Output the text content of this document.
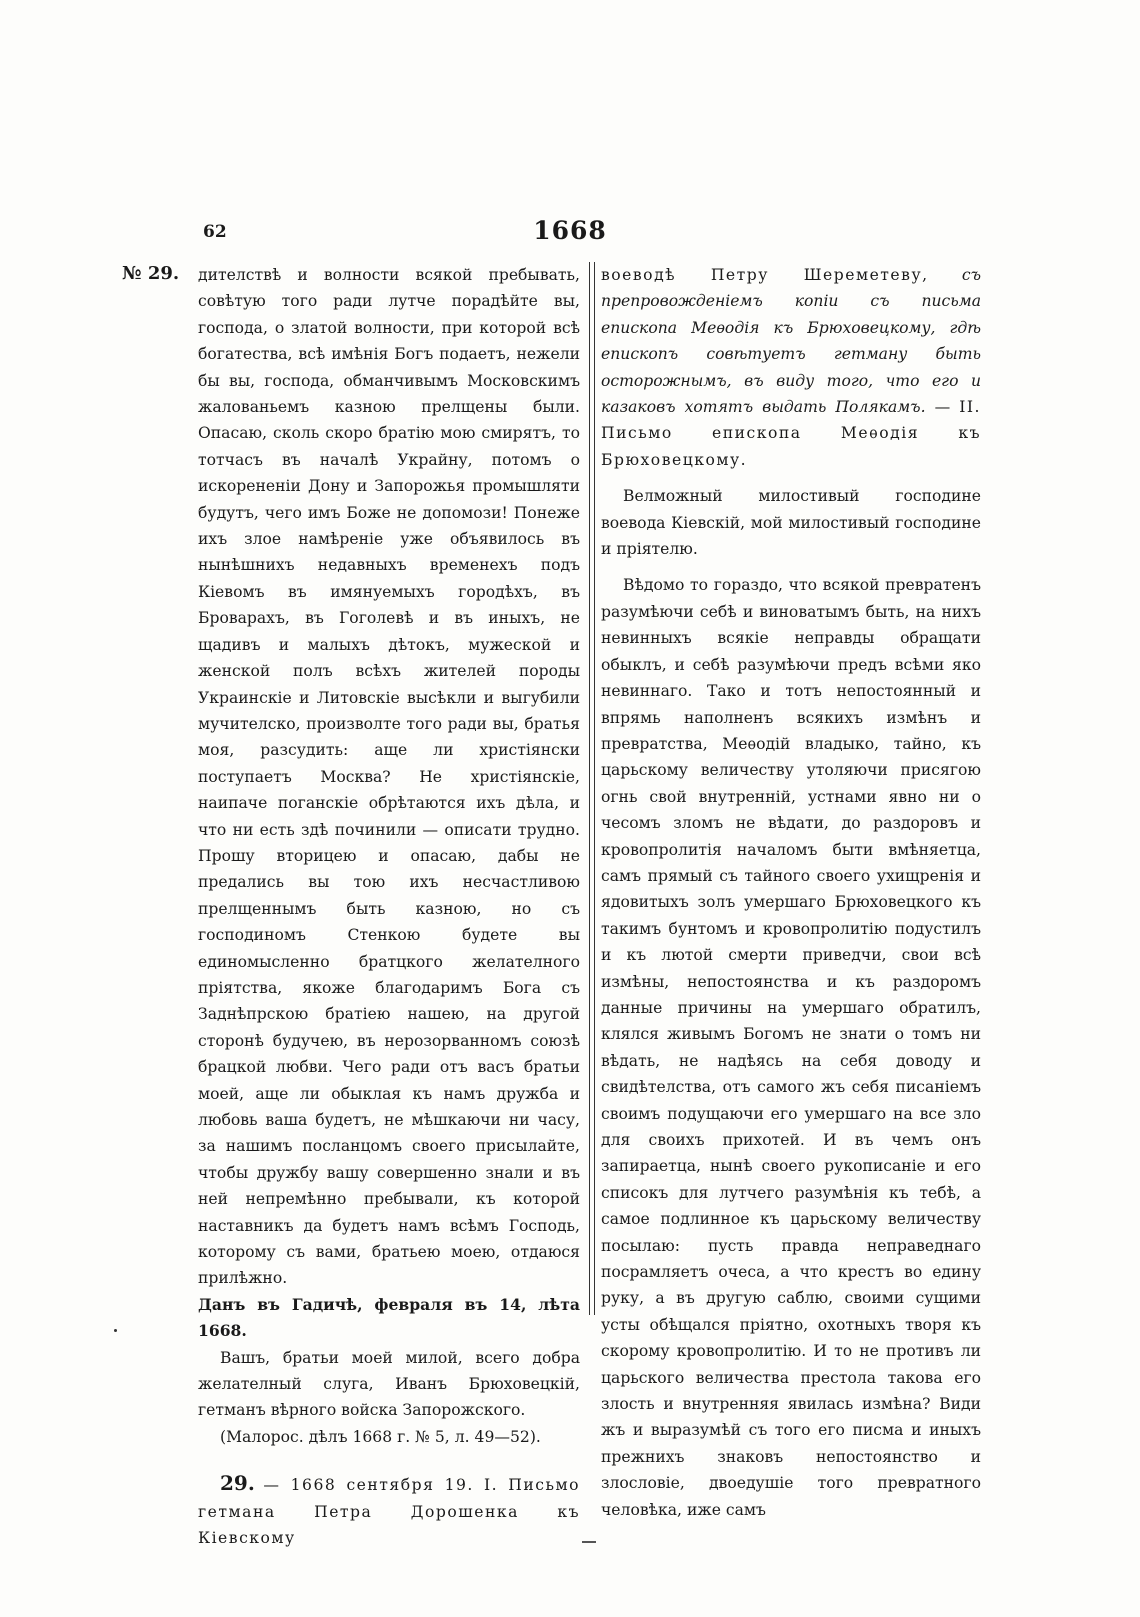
62	1668
№ 29. дителствѣ и волности всякой пребывать, совѣтую того ради лутче порадѣйте вы, господа, о златой волности, при которой всѣ богатества, всѣ имѣнія Богъ подаетъ, нежели бы вы, господа, обманчивымъ Московскимъ жалованьемъ казною прелщены были. Опасаю, сколь скоро братію мою смирятъ, то тотчасъ въ началѣ Украйну, потомъ о искорененіи Дону и Запорожья промышляти будутъ, чего имъ Боже не допомози! Понеже ихъ злое намѣреніе уже объявилось въ нынѣшнихъ недавныхъ временехъ подъ Кіевомъ въ имянуемыхъ городѣхъ, въ Броварахъ, въ Гоголевѣ и въ иныхъ, не щадивъ и малыхъ дѣтокъ, мужеской и женской полъ всѣхъ жителей породы Украинскіе и Литовскіе высѣкли и выгубили мучителско, произволте того ради вы, братья моя, разсудить: аще ли христіянски поступаетъ Москва? Не христіянскіе, наипаче поганскіе обрѣтаются ихъ дѣла, и что ни есть здѣ починили — описати трудно. Прошу вторицею и опасаю, дабы не предались вы тою ихъ несчастливою прелщеннымъ быть казною, но съ господиномъ Стенкою будете вы единомысленно братцкого желателного пріятства, якоже благодаримъ Бога съ Заднѣпрскою братіею нашею, на другой сторонѣ будучею, въ нерозорванномъ союзѣ брацкой любви. Чего ради отъ васъ братьи моей, аще ли обыклая къ намъ дружба и любовь ваша будетъ, не мѣшкаючи ни часу, за нашимъ посланцомъ своего присылайте, чтобы дружбу вашу совершенно знали и въ ней непремѣнно пребывали, къ которой наставникъ да будетъ намъ всѣмъ Господь, которому съ вами, братьею моею, отдаюся прилѣжно.

Данъ въ Гадичѣ, февраля въ 14, лѣта 1668.

Вашъ, братьи моей милой, всего добра желателный слуга, Иванъ Брюховецкій, гетманъ вѣрного войска Запорожского.

(Малорос. дѣлъ 1668 г. № 5, л. 49—52).

29. — 1668 сентября 19. I. Письмо гетмана Петра Дорошенка къ Кіевскому

воеводѣ Петру Шереметеву, съ препровожденіемъ копіи съ письма епископа Меѳодія къ Брюховецкому, гдѣ епископъ совѣтуетъ гетману быть осторожнымъ, въ виду того, что его и казаковъ хотятъ выдать Полякамъ. — II. Письмо епископа Меѳодія къ Брюховецкому.

Велможный милостивый господине воевода Кіевскій, мой милостивый господине и пріятелю.

Вѣдомо то гораздо, что всякой превратенъ разумѣючи себѣ и виноватымъ быть, на нихъ невинныхъ всякіе неправды обращати обыклъ, и себѣ разумѣючи предъ всѣми яко невиннаго. Тако и тотъ непостоянный и впрямь наполненъ всякихъ измѣнъ и превратства, Меѳодій владыко, тайно, къ царьскому величеству утоляючи присягою огнь свой внутренній, устнами явно ни о чесомъ зломъ не вѣдати, до раздоровъ и кровопролитія началомъ быти вмѣняетца, самъ прямый съ тайного своего ухищренія и ядовитыхъ золъ умершаго Брюховецкого къ такимъ бунтомъ и кровопролитію подустилъ и къ лютой смерти приведчи, свои всѣ измѣны, непостоянства и къ раздоромъ данные причины на умершаго обратилъ, клялся живымъ Богомъ не знати о томъ ни вѣдать, не надѣясь на себя доводу и свидѣтелства, отъ самого жъ себя писаніемъ своимъ подущаючи его умершаго на все зло для своихъ прихотей. И въ чемъ онъ запираетца, нынѣ своего рукописаніе и его списокъ для лутчего разумѣнія къ тебѣ, а самое подлинное къ царьскому величеству посылаю: пусть правда неправеднаго посрамляетъ очеса, а что крестъ во едину руку, а въ другую саблю, своими сущими усты обѣщался пріятно, охотныхъ творя къ скорому кровопролитію. И то не противъ ли царьского величества престола такова его злость и внутренняя явилась измѣна? Види жъ и выразумѣй съ того его писма и иныхъ прежнихъ знаковъ непостоянство и злословіе, двоедушіе того превратного человѣка, иже самъ
